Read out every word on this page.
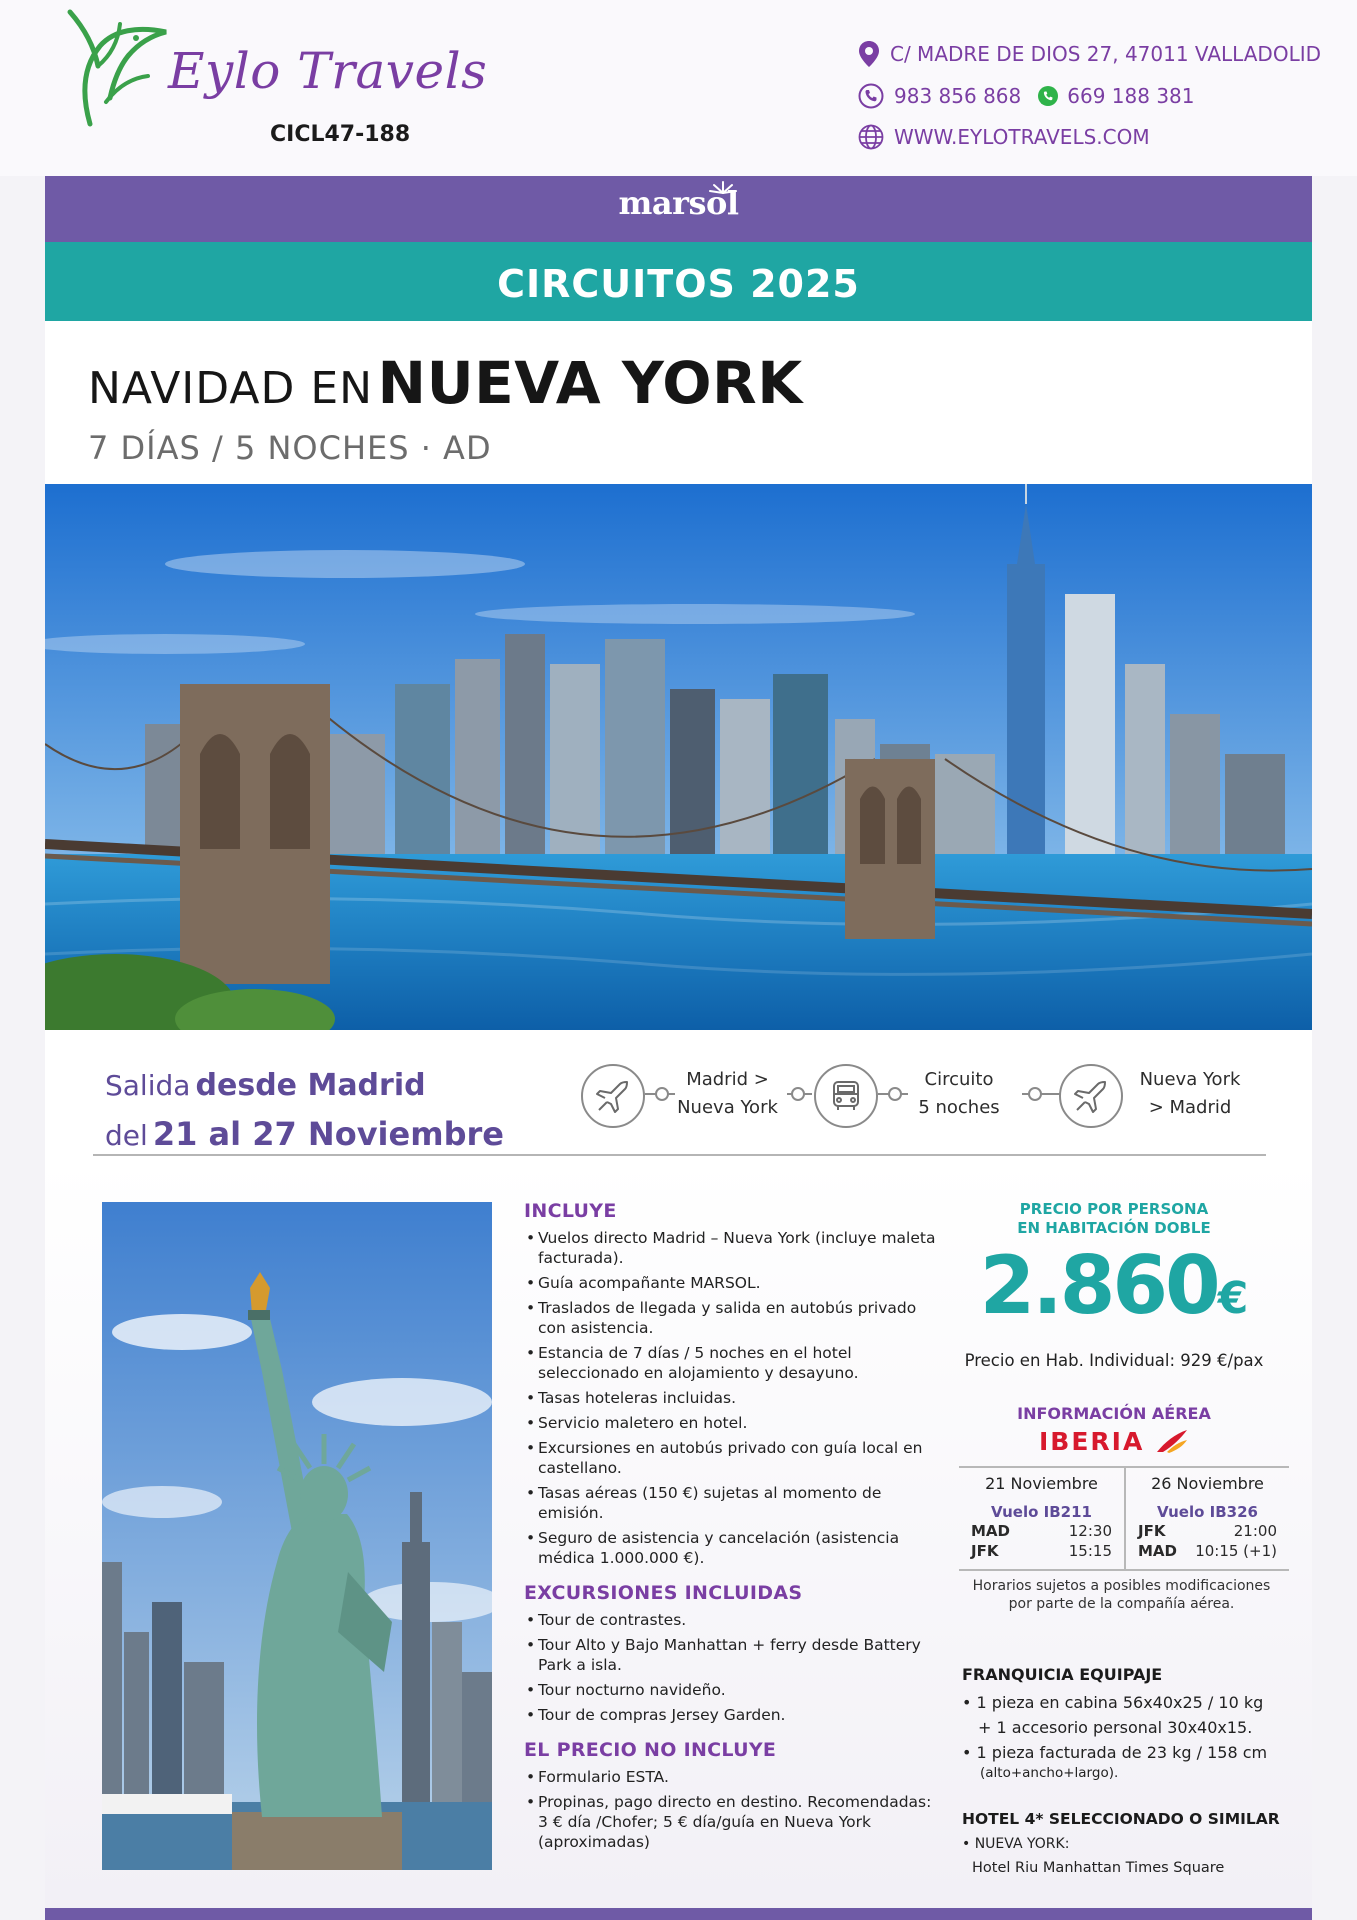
Eylo Travels
CICL47-188
C/ MADRE DE DIOS 27, 47011 VALLADOLID
983 856 868 669 188 381
WWW.EYLOTRAVELS.COM
marsol
CIRCUITOS 2025
NAVIDAD EN NUEVA YORK
7 DÍAS / 5 NOCHES · AD
Salida desde Madrid
del 21 al 27 Noviembre
Madrid >
Nueva York
Circuito
5 noches
Nueva York
> Madrid
INCLUYE
• Vuelos directo Madrid – Nueva York (incluye maleta facturada).
• Guía acompañante MARSOL.
• Traslados de llegada y salida en autobús privado con asistencia.
• Estancia de 7 días / 5 noches en el hotel seleccionado en alojamiento y desayuno.
• Tasas hoteleras incluidas.
• Servicio maletero en hotel.
• Excursiones en autobús privado con guía local en castellano.
• Tasas aéreas (150 €) sujetas al momento de emisión.
• Seguro de asistencia y cancelación (asistencia médica 1.000.000 €).
EXCURSIONES INCLUIDAS
• Tour de contrastes.
• Tour Alto y Bajo Manhattan + ferry desde Battery Park a isla.
• Tour nocturno navideño.
• Tour de compras Jersey Garden.
EL PRECIO NO INCLUYE
• Formulario ESTA.
• Propinas, pago directo en destino. Recomendadas: 3 € día /Chofer; 5 € día/guía en Nueva York (aproximadas)
PRECIO POR PERSONA
EN HABITACIÓN DOBLE
2.860€
Precio en Hab. Individual: 929 €/pax
INFORMACIÓN AÉREA
IBERIA
21 Noviembre
Vuelo IB211
MAD	12:30
JFK	15:15
26 Noviembre
Vuelo IB326
JFK	21:00
MAD 10:15 (+1)
Horarios sujetos a posibles modificaciones
por parte de la compañía aérea.
FRANQUICIA EQUIPAJE
• 1 pieza en cabina 56x40x25 / 10 kg
+ 1 accesorio personal 30x40x15.
• 1 pieza facturada de 23 kg / 158 cm
(alto+ancho+largo).
HOTEL 4* SELECCIONADO O SIMILAR
• NUEVA YORK:
Hotel Riu Manhattan Times Square
